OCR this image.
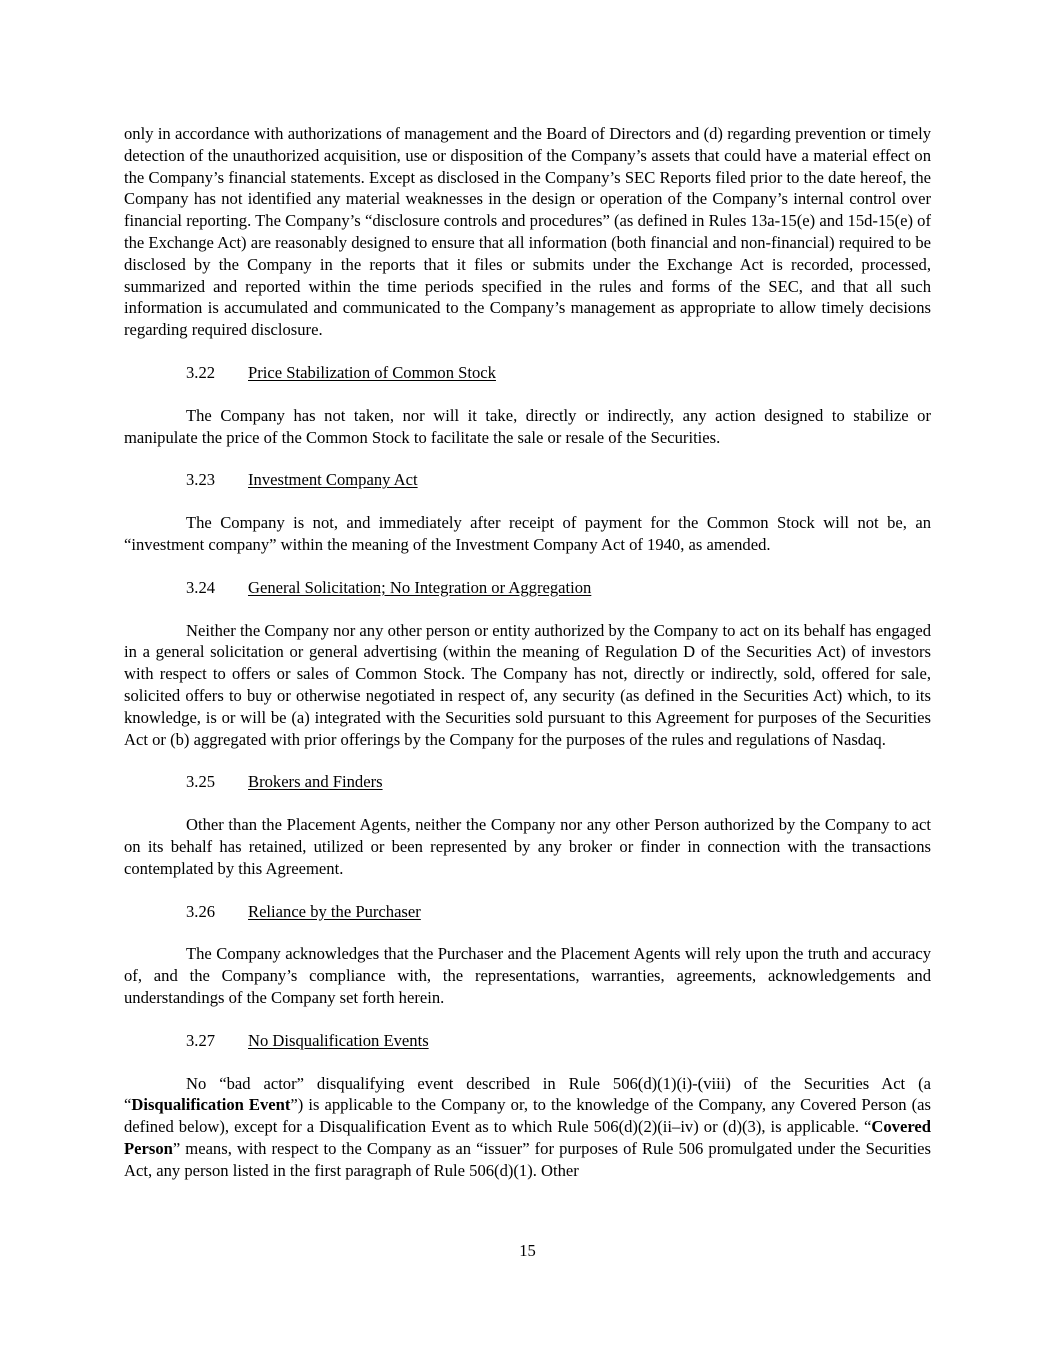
only in accordance with authorizations of management and the Board of Directors and (d) regarding prevention or timely detection of the unauthorized acquisition, use or disposition of the Company’s assets that could have a material effect on the Company’s financial statements. Except as disclosed in the Company’s SEC Reports filed prior to the date hereof, the Company has not identified any material weaknesses in the design or operation of the Company’s internal control over financial reporting. The Company’s “disclosure controls and procedures” (as defined in Rules 13a-15(e) and 15d-15(e) of the Exchange Act) are reasonably designed to ensure that all information (both financial and non-financial) required to be disclosed by the Company in the reports that it files or submits under the Exchange Act is recorded, processed, summarized and reported within the time periods specified in the rules and forms of the SEC, and that all such information is accumulated and communicated to the Company’s management as appropriate to allow timely decisions regarding required disclosure.

3.22 Price Stabilization of Common Stock

The Company has not taken, nor will it take, directly or indirectly, any action designed to stabilize or manipulate the price of the Common Stock to facilitate the sale or resale of the Securities.

3.23 Investment Company Act

The Company is not, and immediately after receipt of payment for the Common Stock will not be, an “investment company” within the meaning of the Investment Company Act of 1940, as amended.

3.24 General Solicitation; No Integration or Aggregation

Neither the Company nor any other person or entity authorized by the Company to act on its behalf has engaged in a general solicitation or general advertising (within the meaning of Regulation D of the Securities Act) of investors with respect to offers or sales of Common Stock. The Company has not, directly or indirectly, sold, offered for sale, solicited offers to buy or otherwise negotiated in respect of, any security (as defined in the Securities Act) which, to its knowledge, is or will be (a) integrated with the Securities sold pursuant to this Agreement for purposes of the Securities Act or (b) aggregated with prior offerings by the Company for the purposes of the rules and regulations of Nasdaq.

3.25 Brokers and Finders

Other than the Placement Agents, neither the Company nor any other Person authorized by the Company to act on its behalf has retained, utilized or been represented by any broker or finder in connection with the transactions contemplated by this Agreement.

3.26 Reliance by the Purchaser

The Company acknowledges that the Purchaser and the Placement Agents will rely upon the truth and accuracy of, and the Company’s compliance with, the representations, warranties, agreements, acknowledgements and understandings of the Company set forth herein.

3.27 No Disqualification Events

No “bad actor” disqualifying event described in Rule 506(d)(1)(i)-(viii) of the Securities Act (a “Disqualification Event”) is applicable to the Company or, to the knowledge of the Company, any Covered Person (as defined below), except for a Disqualification Event as to which Rule 506(d)(2)(ii–iv) or (d)(3), is applicable. “Covered Person” means, with respect to the Company as an “issuer” for purposes of Rule 506 promulgated under the Securities Act, any person listed in the first paragraph of Rule 506(d)(1). Other

15
